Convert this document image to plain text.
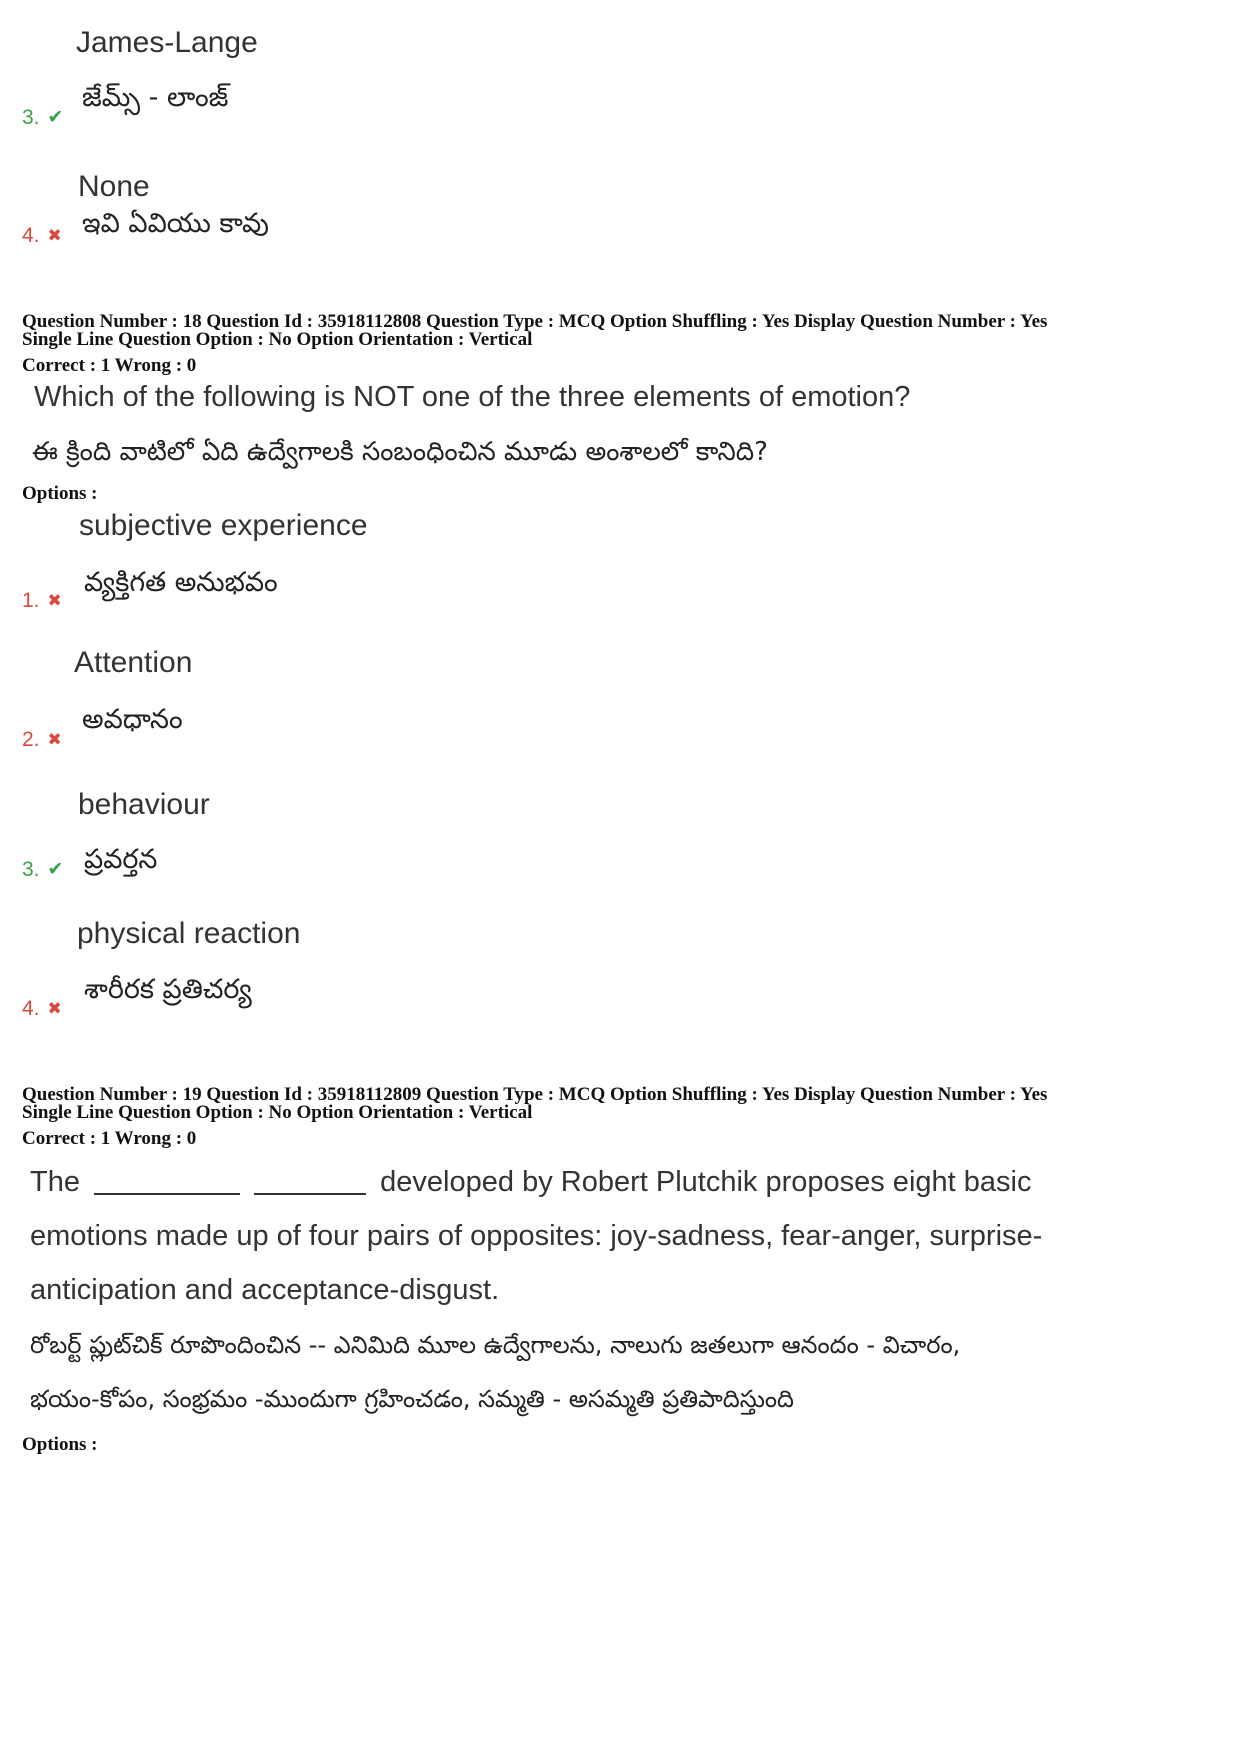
James-Lange
3. ✔
జేమ్స్ - లాంజ్
None
4. ✖ ఇవి ఏవియు కావు
Question Number : 18 Question Id : 35918112808 Question Type : MCQ Option Shuffling : Yes Display Question Number : Yes
Single Line Question Option : No Option Orientation : Vertical
Correct : 1 Wrong : 0
Which of the following is NOT one of the three elements of emotion?
ఈ క్రింది వాటిలో ఏది ఉద్వేగాలకి సంబంధించిన మూడు అంశాలలో కానిది?
Options :
subjective experience
1. ✖
వ్యక్తిగత అనుభవం
Attention
2. ✖
అవధానం
behaviour
3. ✔ ప్రవర్తన
physical reaction
4. ✖
శారీరక ప్రతిచర్య
Question Number : 19 Question Id : 35918112809 Question Type : MCQ Option Shuffling : Yes Display Question Number : Yes
Single Line Question Option : No Option Orientation : Vertical
Correct : 1 Wrong : 0
The	developed by Robert Plutchik proposes eight basic
emotions made up of four pairs of opposites: joy-sadness, fear-anger, surprise-
anticipation and acceptance-disgust.
రోబర్ట్ ప్లుట్‌చిక్ రూపొందించిన -- ఎనిమిది మూల ఉద్వేగాలను, నాలుగు జతలుగా ఆనందం - విచారం,
భయం-కోపం, సంభ్రమం -ముందుగా గ్రహించడం, సమ్మతి - అసమ్మతి ప్రతిపాదిస్తుంది
Options :
